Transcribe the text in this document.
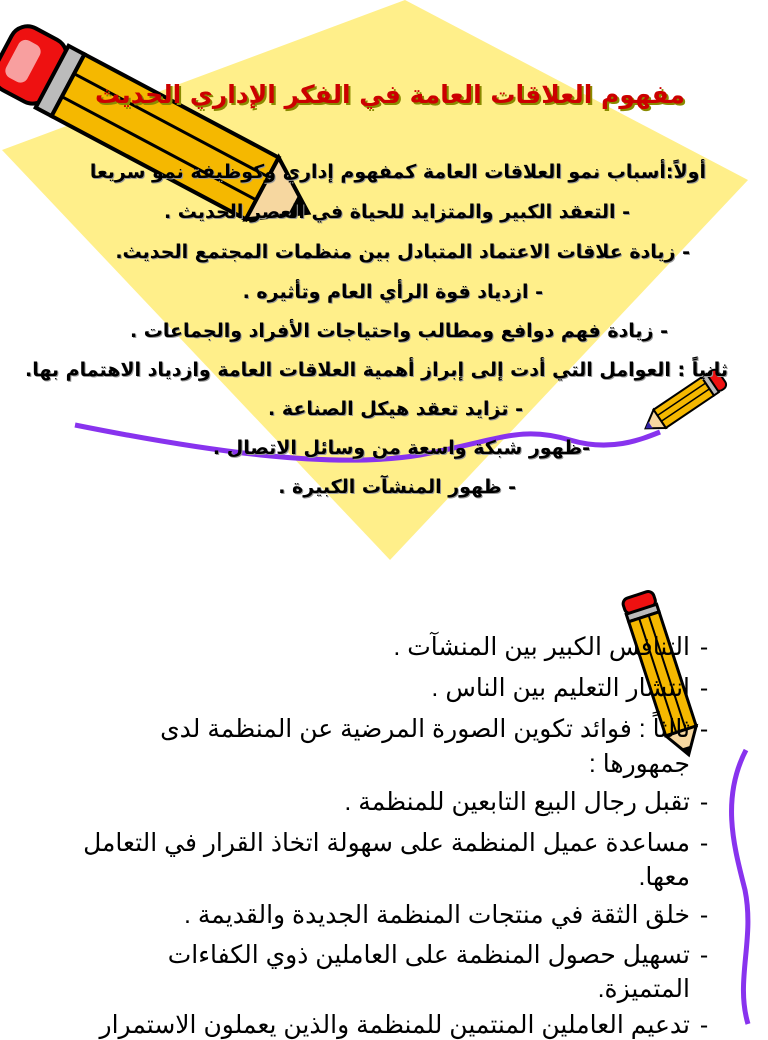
مفهوم العلاقات العامة في الفكر الإداري الحديث
أولاً:أسباب نمو العلاقات العامة كمفهوم إداري وكوظيفة نمو سريعا
- التعقد الكبير والمتزايد للحياة في العصر الحديث .
- زيادة علاقات الاعتماد المتبادل بين منظمات المجتمع الحديث.
- ازدياد قوة الرأي العام وتأثيره .
- زيادة فهم دوافع ومطالب واحتياجات الأفراد والجماعات .
ثانياً : العوامل التي أدت إلى إبراز أهمية العلاقات العامة وازدياد الاهتمام بها.
- تزايد تعقد هيكل الصناعة .
-ظهور شبكة واسعة من وسائل الاتصال .
- ظهور المنشآت الكبيرة .
-التنافس الكبير بين المنشآت .
-انتشار التعليم بين الناس .
-ثالثاً : فوائد تكوين الصورة المرضية عن المنظمة لدى
جمهورها :
-تقبل رجال البيع التابعين للمنظمة .
-مساعدة عميل المنظمة على سهولة اتخاذ القرار في التعامل
معها.
-خلق الثقة في منتجات المنظمة الجديدة والقديمة .
-تسهيل حصول المنظمة على العاملين ذوي الكفاءات
المتميزة.
-تدعيم العاملين المنتمين للمنظمة والذين يعملون الاستمرار
